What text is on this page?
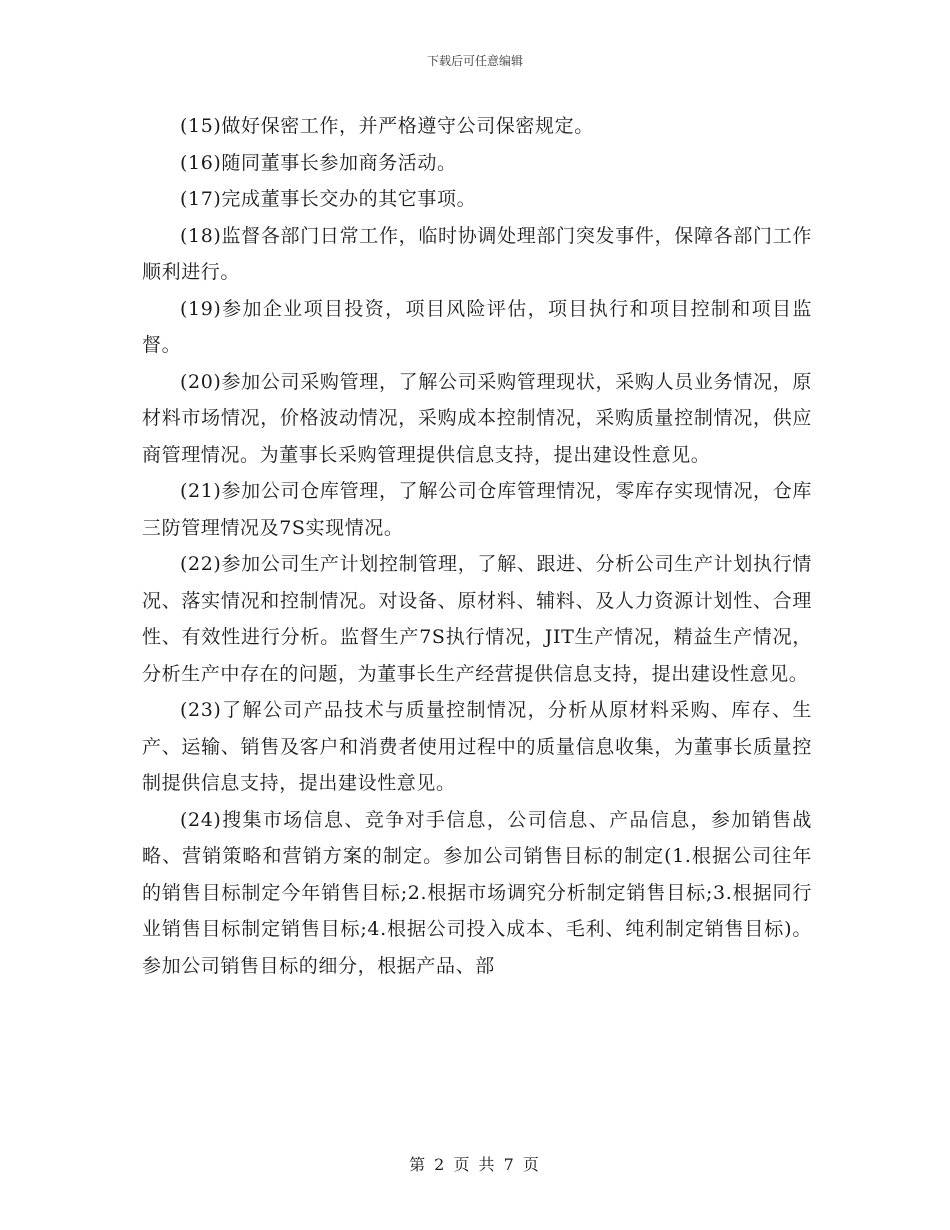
下载后可任意编辑

(15)做好保密工作，并严格遵守公司保密规定。

(16)随同董事长参加商务活动。

(17)完成董事长交办的其它事项。

(18)监督各部门日常工作，临时协调处理部门突发事件，保障各部门工作顺利进行。

(19)参加企业项目投资，项目风险评估，项目执行和项目控制和项目监督。

(20)参加公司采购管理，了解公司采购管理现状，采购人员业务情况，原材料市场情况，价格波动情况，采购成本控制情况，采购质量控制情况，供应商管理情况。为董事长采购管理提供信息支持，提出建设性意见。

(21)参加公司仓库管理，了解公司仓库管理情况，零库存实现情况，仓库三防管理情况及7S实现情况。

(22)参加公司生产计划控制管理，了解、跟进、分析公司生产计划执行情况、落实情况和控制情况。对设备、原材料、辅料、及人力资源计划性、合理性、有效性进行分析。监督生产7S执行情况，JIT生产情况，精益生产情况，分析生产中存在的问题，为董事长生产经营提供信息支持，提出建设性意见。

(23)了解公司产品技术与质量控制情况，分析从原材料采购、库存、生产、运输、销售及客户和消费者使用过程中的质量信息收集，为董事长质量控制提供信息支持，提出建设性意见。

(24)搜集市场信息、竞争对手信息，公司信息、产品信息，参加销售战略、营销策略和营销方案的制定。参加公司销售目标的制定(1.根据公司往年的销售目标制定今年销售目标;2.根据市场调究分析制定销售目标;3.根据同行业销售目标制定销售目标;4.根据公司投入成本、毛利、纯利制定销售目标)。参加公司销售目标的细分，根据产品、部

第 2 页 共 7 页
